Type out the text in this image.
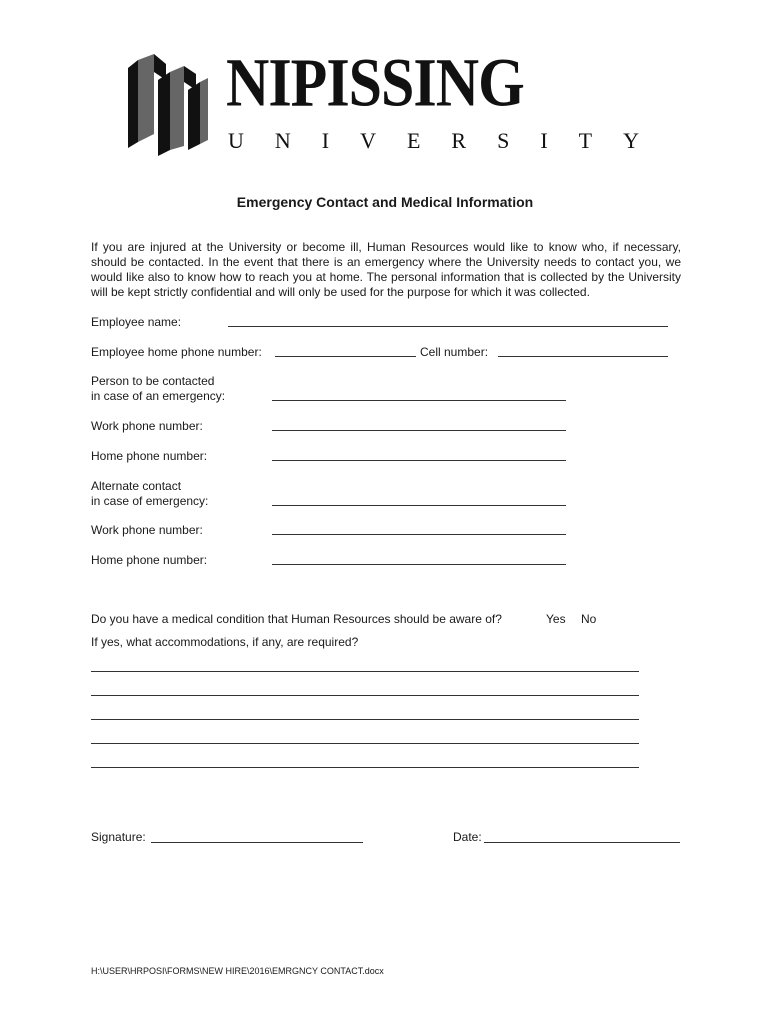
NIPISSING
UNIVERSITY
Emergency Contact and Medical Information
If you are injured at the University or become ill, Human Resources would like to know who, if necessary, should be contacted. In the event that there is an emergency where the University needs to contact you, we would like also to know how to reach you at home. The personal information that is collected by the University will be kept strictly confidential and will only be used for the purpose for which it was collected.
Employee name:
Employee home phone number:	Cell number:
Person to be contacted
in case of an emergency:
Work phone number:
Home phone number:
Alternate contact
in case of emergency:
Work phone number:
Home phone number:
Do you have a medical condition that Human Resources should be aware of?	Yes No
If yes, what accommodations, if any, are required?
Signature:	Date:
H:\USER\HRPOSI\FORMS\NEW HIRE\2016\EMRGNCY CONTACT.docx
